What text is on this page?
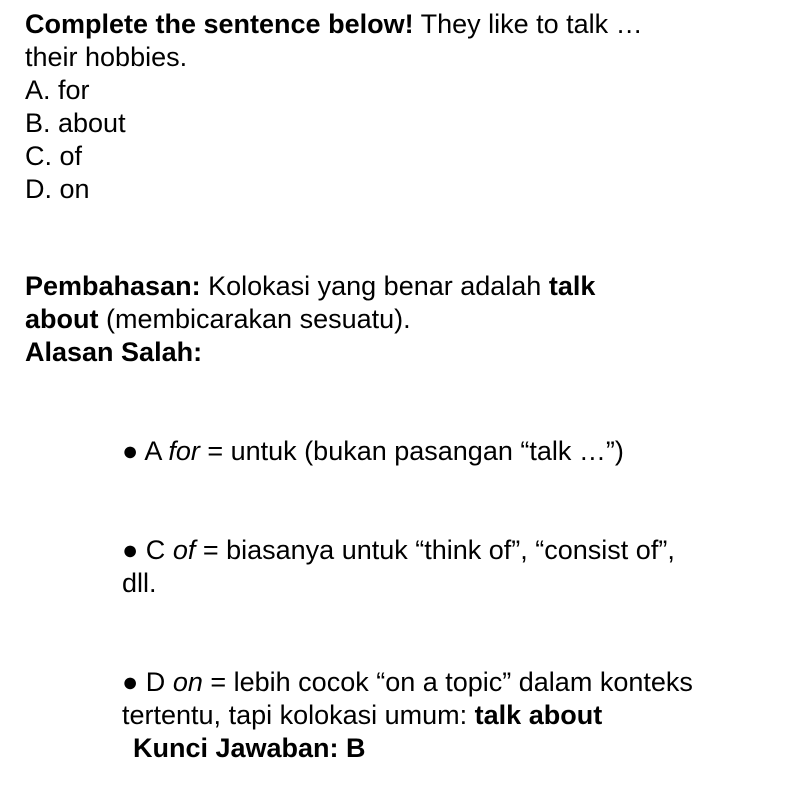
Complete the sentence below! They like to talk …
their hobbies.
A. for
B. about
C. of
D. on
Pembahasan: Kolokasi yang benar adalah talk
about (membicarakan sesuatu).
Alasan Salah:
● A for = untuk (bukan pasangan “talk …”)
● C of = biasanya untuk “think of”, “consist of”,
dll.
● D on = lebih cocok “on a topic” dalam konteks
tertentu, tapi kolokasi umum: talk about
Kunci Jawaban: B
